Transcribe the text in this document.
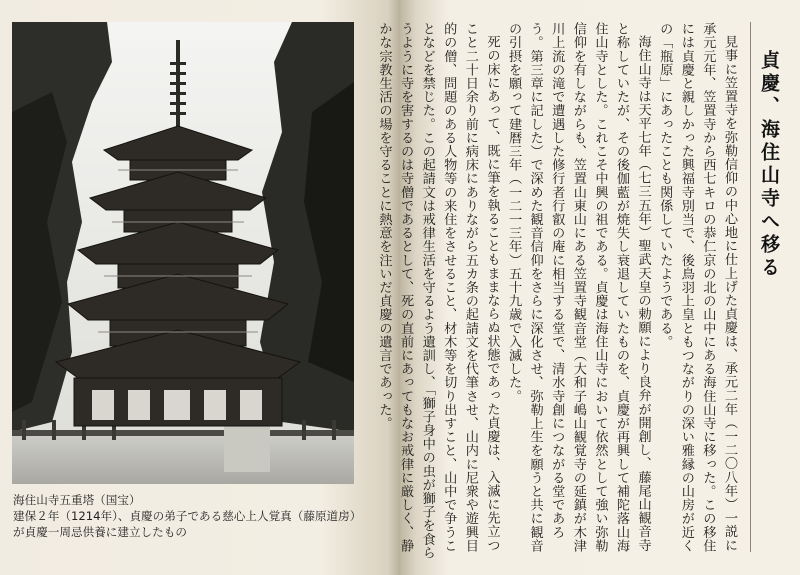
海住山寺五重塔（国宝）
建保２年（1214年）、貞慶の弟子である慈心上人覚真（藤原道房）
が貞慶一周忌供養に建立したもの
貞慶、海住山寺へ移る

見事に笠置寺を弥勒信仰の中心地に仕上げた貞慶は、承元二年（一二〇八年）一説に承元元年、笠置寺から西七キロの恭仁京の北の山中にある海住山寺に移った。この移住には貞慶と親しかった興福寺別当で、後鳥羽上皇ともつながりの深い雅縁の山房が近くの「瓶原」にあったことも関係していたようである。

海住山寺は天平七年（七三五年）聖武天皇の勅願により良弁が開創し、藤尾山観音寺と称していたが、その後伽藍が焼失し衰退していたものを、貞慶が再興して補陀落山海住山寺とした。これこそ中興の祖である。貞慶は海住山寺において依然として強い弥勒信仰を有しながらも、笠置山東山にある笠置寺観音堂（大和子嶋山観覚寺の延鎮が木津川上流の滝で遭遇した修行者行叡の庵に相当する堂で、清水寺創につながる堂であろう。第三章に記した）で深めた観音信仰をさらに深化させ、弥勒上生を願うと共に観音の引摂を願って建暦三年（一二一三年）五十九歳で入滅した。

死の床にあって、既に筆を執ることもままならぬ状態であった貞慶は、入滅に先立つこと二十日余り前に病床にありながら五カ条の起請文を代筆させ、山内に尼衆や遊興目的の僧、問題のある人物等の来住をさせること、材木等を切り出すこと、山中で争うことなどを禁じた。この起請文は戒律生活を守るよう遺訓し、「獅子身中の虫が獅子を食らうように寺を害するのは寺僧であるとして、死の直前にあってもなお戒律に厳しく、静かな宗教生活の場を守ることに熱意を注いだ貞慶の遺言であった。
